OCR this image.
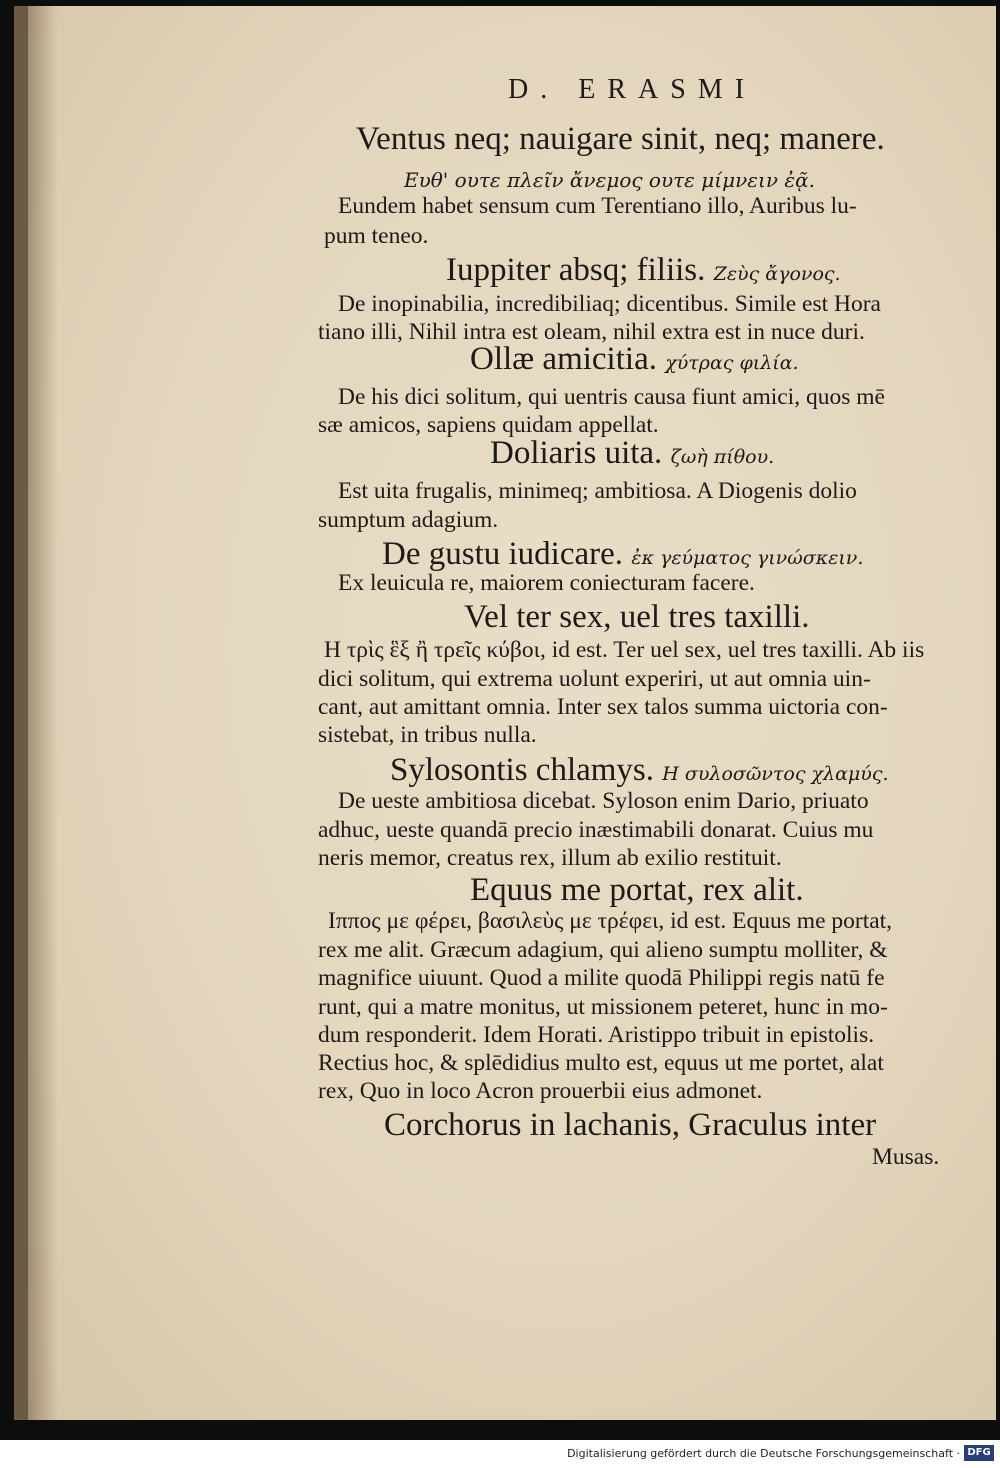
D. ERASMI
Ventus neq; nauigare sinit, neq; manere.
Ευθ' ουτε πλεῖν ἄνεμος ουτε μίμνειν ἐᾷ.
Eundem habet sensum cum Terentiano illo, Auribus lu-
pum teneo.
Iuppiter absq; filiis. Ζεὺς ἄγονος.
De inopinabilia, incredibiliaq; dicentibus. Simile est Hora
tiano illi, Nihil intra est oleam, nihil extra est in nuce duri.
Ollæ amicitia. χύτρας φιλία.
De his dici solitum, qui uentris causa fiunt amici, quos mē
sæ amicos, sapiens quidam appellat.
Doliaris uita. ζωὴ πίθου.
Est uita frugalis, minimeq; ambitiosa. A Diogenis dolio
sumptum adagium.
De gustu iudicare. ἐκ γεύματος γινώσκειν.
Ex leuicula re, maiorem coniecturam facere.
Vel ter sex, uel tres taxilli.
Η τρὶς ἓξ ἢ τρεῖς κύβοι, id est. Ter uel sex, uel tres taxilli. Ab iis
dici solitum, qui extrema uolunt experiri, ut aut omnia uin-
cant, aut amittant omnia. Inter sex talos summa uictoria con-
sistebat, in tribus nulla.
Sylosontis chlamys. Η συλοσῶντος χλαμύς.
De ueste ambitiosa dicebat. Syloson enim Dario, priuato
adhuc, ueste quandā precio inæstimabili donarat. Cuius mu
neris memor, creatus rex, illum ab exilio restituit.
Equus me portat, rex alit.
Ιππος με φέρει, βασιλεὺς με τρέφει, id est. Equus me portat,
rex me alit. Græcum adagium, qui alieno sumptu molliter, &
magnifice uiuunt. Quod a milite quodā Philippi regis natū fe
runt, qui a matre monitus, ut missionem peteret, hunc in mo-
dum responderit. Idem Horati. Aristippo tribuit in epistolis.
Rectius hoc, & splēdidius multo est, equus ut me portet, alat
rex, Quo in loco Acron prouerbii eius admonet.
Corchorus in lachanis, Graculus inter
Musas.
Digitalisierung gefördert durch die Deutsche Forschungsgemeinschaft · DFG
